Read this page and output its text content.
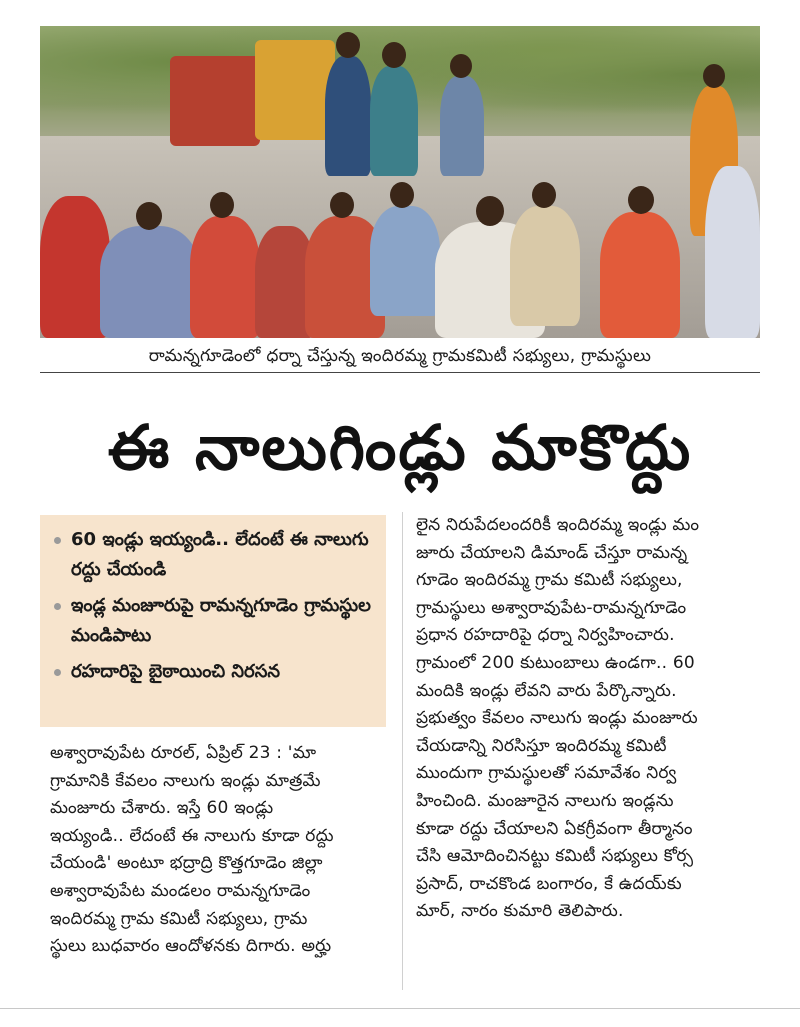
రామన్నగూడెంలో ధర్నా చేస్తున్న ఇందిరమ్మ గ్రామకమిటీ సభ్యులు, గ్రామస్థులు
ఈ నాలుగిండ్లు మాకొద్దు
60 ఇండ్లు ఇయ్యండి.. లేదంటే ఈ నాలుగు రద్దు చేయండి
ఇండ్ల మంజూరుపై రామన్నగూడెం గ్రామస్థుల మండిపాటు
రహదారిపై బైఠాయించి నిరసన
అశ్వారావుపేట రూరల్, ఏప్రిల్ 23 : 'మా
గ్రామానికి కేవలం నాలుగు ఇండ్లు మాత్రమే
మంజూరు చేశారు. ఇస్తే 60 ఇండ్లు
ఇయ్యండి.. లేదంటే ఈ నాలుగు కూడా రద్దు
చేయండి' అంటూ భద్రాద్రి కొత్తగూడెం జిల్లా
అశ్వారావుపేట మండలం రామన్నగూడెం
ఇందిరమ్మ గ్రామ కమిటీ సభ్యులు, గ్రామ
స్థులు బుధవారం ఆందోళనకు దిగారు. అర్హు
లైన నిరుపేదలందరికీ ఇందిరమ్మ ఇండ్లు మం
జూరు చేయాలని డిమాండ్ చేస్తూ రామన్న
గూడెం ఇందిరమ్మ గ్రామ కమిటీ సభ్యులు,
గ్రామస్థులు అశ్వారావుపేట-రామన్నగూడెం
ప్రధాన రహదారిపై ధర్నా నిర్వహించారు.
గ్రామంలో 200 కుటుంబాలు ఉండగా.. 60
మందికి ఇండ్లు లేవని వారు పేర్కొన్నారు.
ప్రభుత్వం కేవలం నాలుగు ఇండ్లు మంజూరు
చేయడాన్ని నిరసిస్తూ ఇందిరమ్మ కమిటీ
ముందుగా గ్రామస్థులతో సమావేశం నిర్వ
హించింది. మంజూరైన నాలుగు ఇండ్లను
కూడా రద్దు చేయాలని ఏకగ్రీవంగా తీర్మానం
చేసి ఆమోదించినట్టు కమిటీ సభ్యులు కోర్స
ప్రసాద్, రాచకొండ బంగారం, కే ఉదయ్‌కు
మార్, నారం కుమారి తెలిపారు.
